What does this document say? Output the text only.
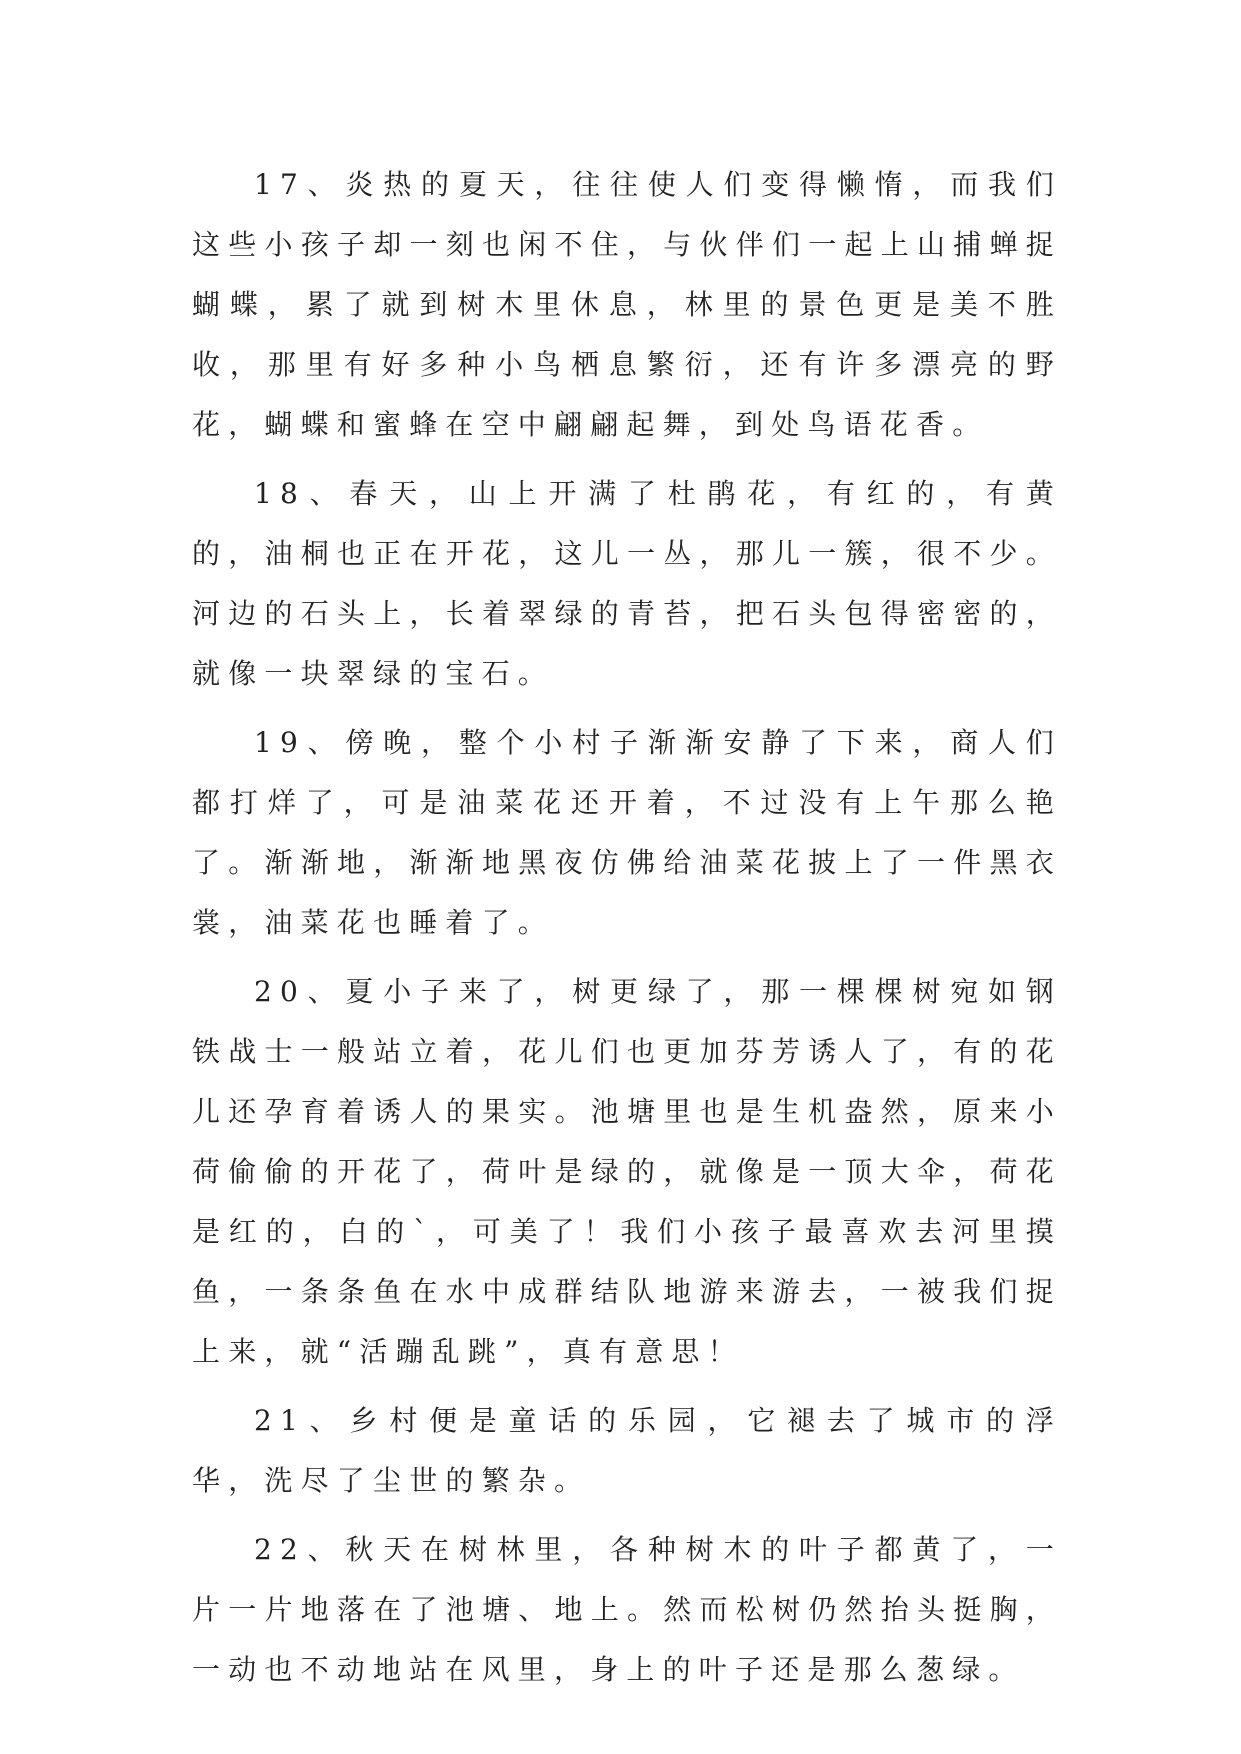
17、炎热的夏天，往往使人们变得懒惰，而我们这些小孩子却一刻也闲不住，与伙伴们一起上山捕蝉捉蝴蝶，累了就到树木里休息，林里的景色更是美不胜收，那里有好多种小鸟栖息繁衍，还有许多漂亮的野花，蝴蝶和蜜蜂在空中翩翩起舞，到处鸟语花香。

18、春天，山上开满了杜鹃花，有红的，有黄的，油桐也正在开花，这儿一丛，那儿一簇，很不少。河边的石头上，长着翠绿的青苔，把石头包得密密的，就像一块翠绿的宝石。

19、傍晚，整个小村子渐渐安静了下来，商人们都打烊了，可是油菜花还开着，不过没有上午那么艳了。渐渐地，渐渐地黑夜仿佛给油菜花披上了一件黑衣裳，油菜花也睡着了。

20、夏小子来了，树更绿了，那一棵棵树宛如钢铁战士一般站立着，花儿们也更加芬芳诱人了，有的花儿还孕育着诱人的果实。池塘里也是生机盎然，原来小荷偷偷的开花了，荷叶是绿的，就像是一顶大伞，荷花是红的，白的`，可美了！我们小孩子最喜欢去河里摸鱼，一条条鱼在水中成群结队地游来游去，一被我们捉上来，就“活蹦乱跳”，真有意思！

21、乡村便是童话的乐园，它褪去了城市的浮华，洗尽了尘世的繁杂。

22、秋天在树林里，各种树木的叶子都黄了，一片一片地落在了池塘、地上。然而松树仍然抬头挺胸，一动也不动地站在风里，身上的叶子还是那么葱绿。
